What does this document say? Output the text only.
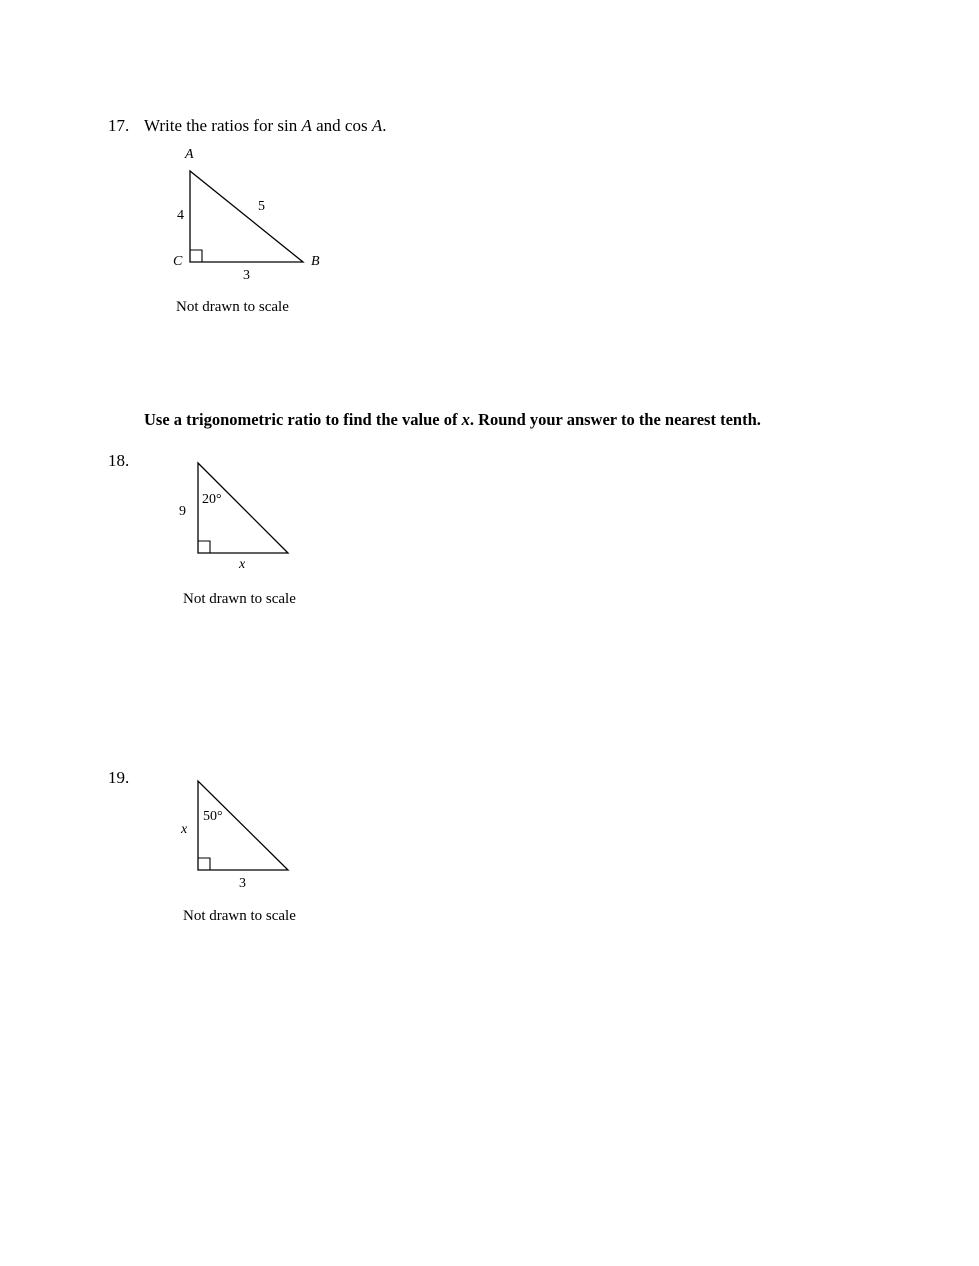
17. Write the ratios for sin A and cos A.
A
C	B
4
5
3
Not drawn to scale
Use a trigonometric ratio to find the value of x. Round your answer to the nearest tenth.
18.
20°
9
x
Not drawn to scale
19.
50°
x
3
Not drawn to scale
